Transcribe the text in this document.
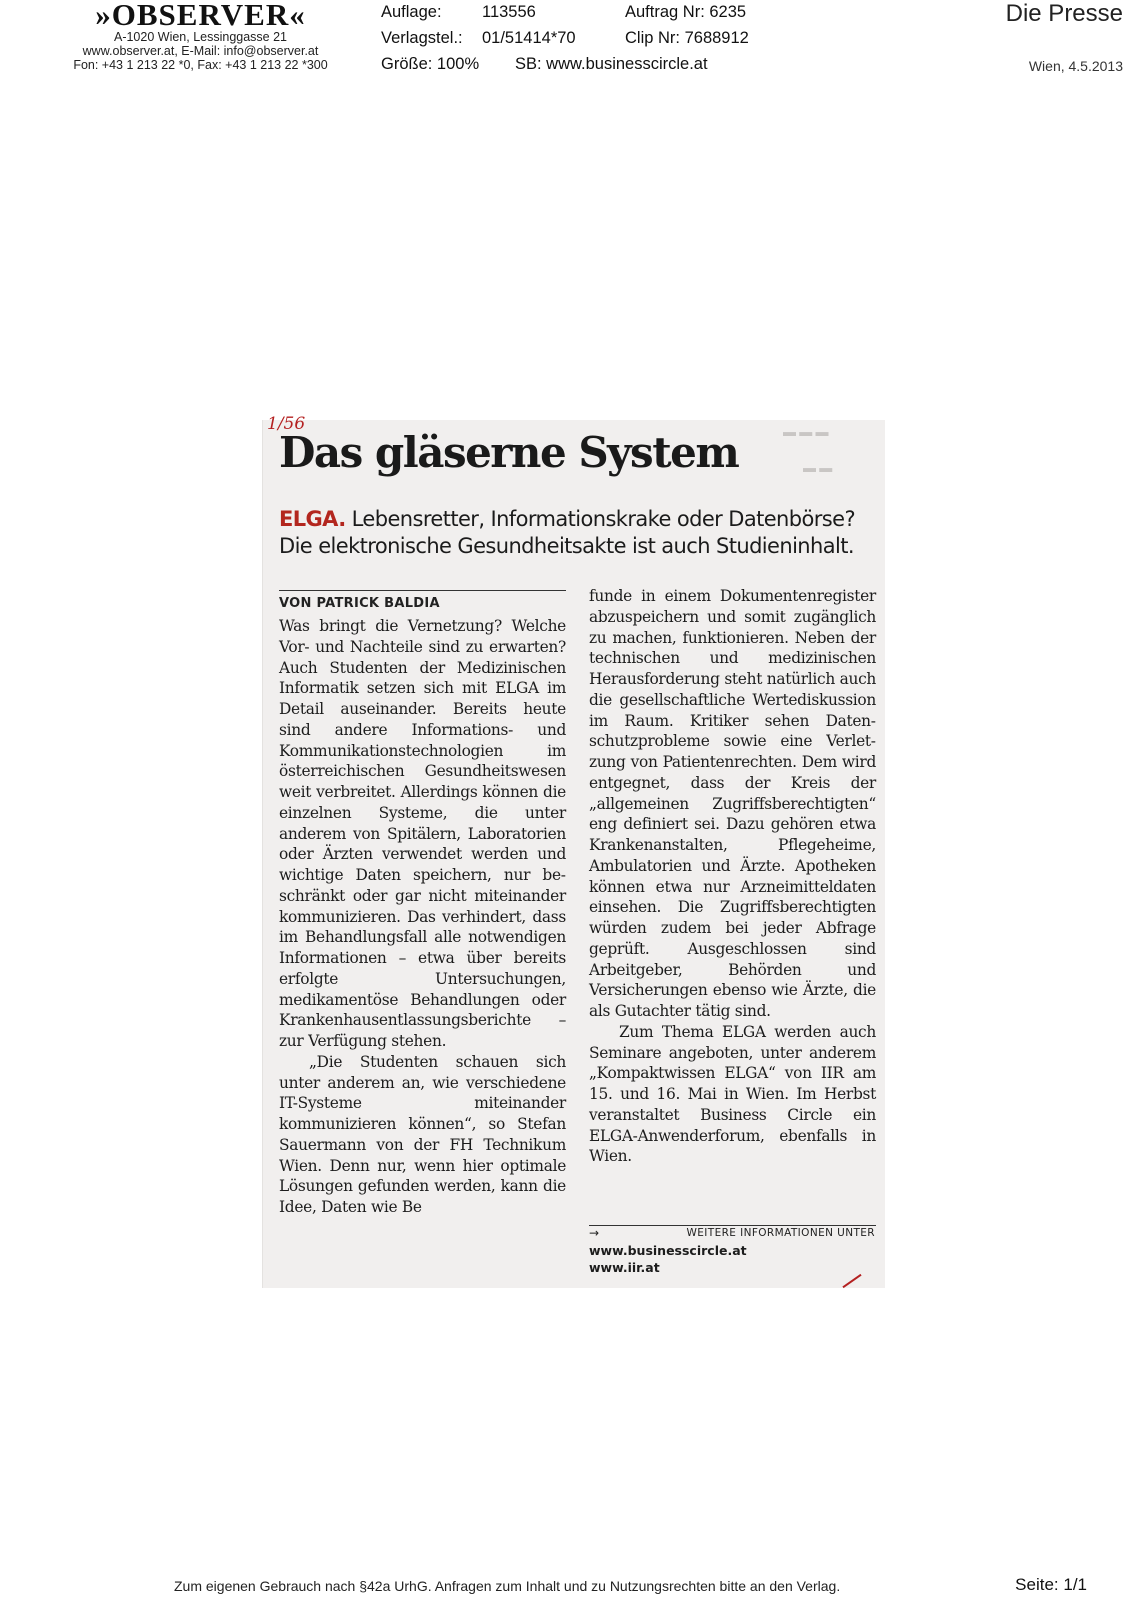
»OBSERVER«
A-1020 Wien, Lessinggasse 21
www.observer.at, E-Mail: info@observer.at
Fon: +43 1 213 22 *0, Fax: +43 1 213 22 *300
Auflage: 113556	Auftrag Nr: 6235
Verlagstel.: 01/51414*70	Clip Nr: 7688912
Größe: 100% SB: www.businesscircle.at
Die Presse
Wien, 4.5.2013
▬ ▬ ▬
▬ ▬
1/56
Das gläserne System
ELGA. Lebensretter, Informationskrake oder Datenbörse? Die elektronische Gesundheitsakte ist auch Studieninhalt.
VON PATRICK BALDIA

Was bringt die Vernetzung? Welche Vor- und Nachteile sind zu erwarten? Auch Studenten der Medizinischen Informatik setzen sich mit ELGA im Detail auseinander. Bereits heute sind andere Informations- und Kommunikationstechnologien im österreichischen Gesundheitswesen weit verbreitet. Allerdings können die einzelnen Systeme, die unter anderem von Spitälern, Laboratorien oder Ärzten verwendet werden und wichtige Daten speichern, nur beschränkt oder gar nicht miteinander kommunizieren. Das verhindert, dass im Behandlungsfall alle notwendigen Informationen – etwa über bereits erfolgte Untersuchungen, medikamentöse Behandlungen oder Krankenhausentlassungsberichte – zur Verfügung stehen.

„Die Studenten schauen sich unter anderem an, wie verschiedene IT-Systeme miteinander kommunizieren können“, so Stefan Sauermann von der FH Technikum Wien. Denn nur, wenn hier optimale Lösungen gefunden werden, kann die Idee, Daten wie Be

funde in einem Dokumentenregister abzuspeichern und somit zugänglich zu machen, funktionieren. Neben der technischen und medizinischen Herausforderung steht natürlich auch die gesellschaftliche Wertediskussion im Raum. Kritiker sehen Datenschutzprobleme sowie eine Verletzung von Patientenrechten. Dem wird entgegnet, dass der Kreis der „allgemeinen Zugriffsberechtigten“ eng definiert sei. Dazu gehören etwa Krankenanstalten, Pflegeheime, Ambulatorien und Ärzte. Apotheken können etwa nur Arzneimitteldaten einsehen. Die Zugriffsberechtigten würden zudem bei jeder Abfrage geprüft. Ausgeschlossen sind Arbeitgeber, Behörden und Versicherungen ebenso wie Ärzte, die als Gutachter tätig sind.

Zum Thema ELGA werden auch Seminare angeboten, unter anderem „Kompaktwissen ELGA“ von IIR am 15. und 16. Mai in Wien. Im Herbst veranstaltet Business Circle ein ELGA-Anwenderforum, ebenfalls in Wien.

→	WEITERE INFORMATIONEN UNTER
www.businesscircle.at
www.iir.at
Zum eigenen Gebrauch nach §42a UrhG. Anfragen zum Inhalt und zu Nutzungsrechten bitte an den Verlag.	Seite: 1/1
